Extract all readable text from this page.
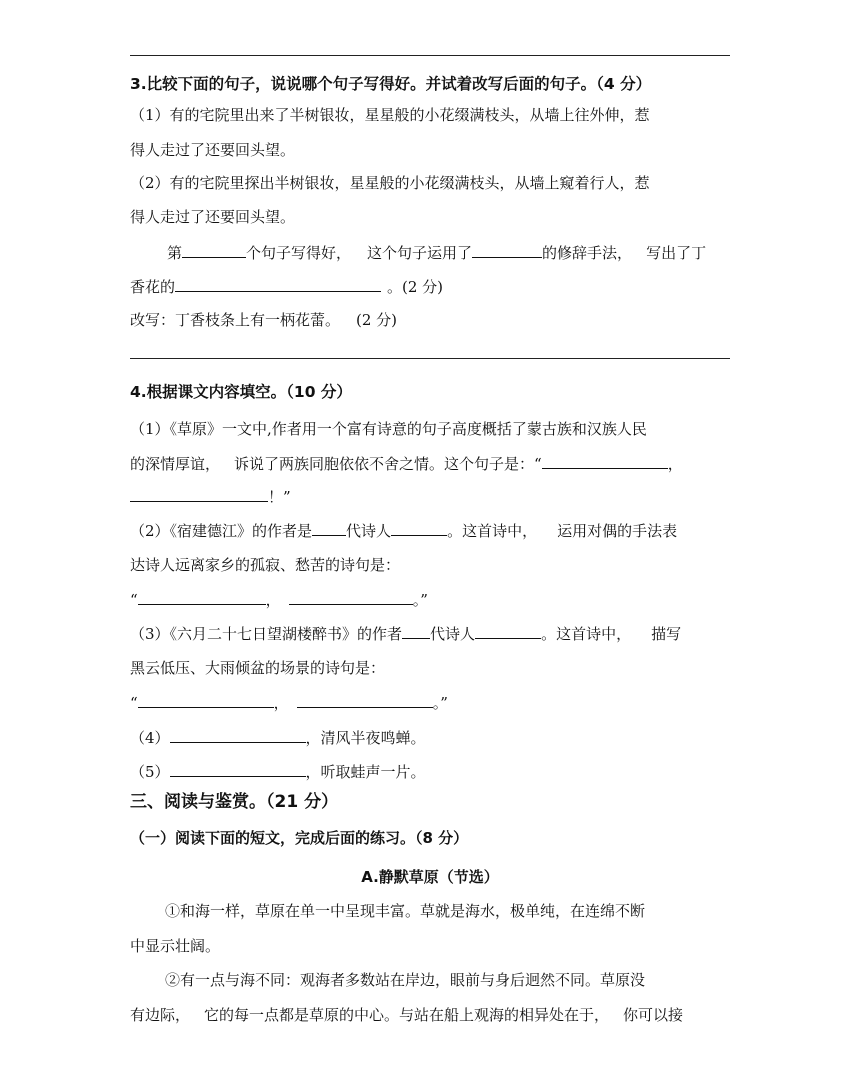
3.比较下面的句子，说说哪个句子写得好。并试着改写后面的句子。（4 分）
（1）有的宅院里出来了半树银妆，星星般的小花缀满枝头，从墙上往外伸，惹
得人走过了还要回头望。
（2）有的宅院里探出半树银妆，星星般的小花缀满枝头，从墙上窥着行人，惹
得人走过了还要回头望。
第	个句子写得好， 这个句子运用了	的修辞手法， 写出了丁
香花的	。(2 分)
改写：丁香枝条上有一柄花蕾。 (2 分)
4.根据课文内容填空。（10 分）
（1）《草原》一文中,作者用一个富有诗意的句子高度概括了蒙古族和汉族人民
的深情厚谊， 诉说了两族同胞依依不舍之情。这个句子是：“	，
！”
（2）《宿建德江》的作者是 代诗人	。这首诗中， 运用对偶的手法表
达诗人远离家乡的孤寂、愁苦的诗句是：
“	，	。”
（3）《六月二十七日望湖楼醉书》的作者 代诗人	。这首诗中， 描写
黑云低压、大雨倾盆的场景的诗句是：
“	，	。”
（4）	，清风半夜鸣蝉。
（5）	，听取蛙声一片。
三、阅读与鉴赏。（21 分）
（一）阅读下面的短文，完成后面的练习。（8 分）
A.静默草原（节选）
①和海一样，草原在单一中呈现丰富。草就是海水，极单纯，在连绵不断
中显示壮阔。
②有一点与海不同：观海者多数站在岸边，眼前与身后迥然不同。草原没
有边际， 它的每一点都是草原的中心。与站在船上观海的相异处在于， 你可以接
